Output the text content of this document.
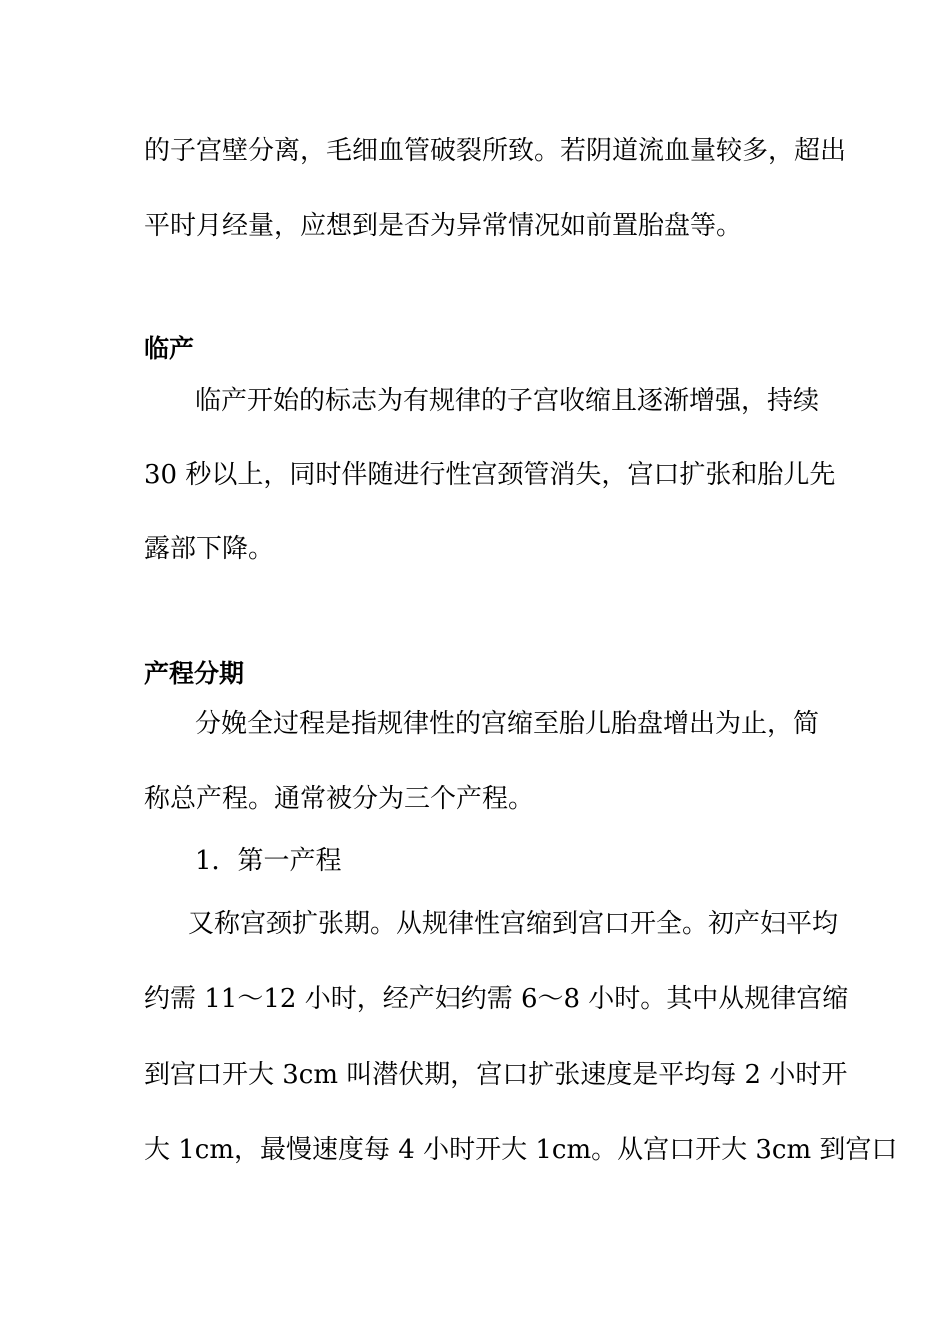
的子宫壁分离，毛细血管破裂所致。若阴道流血量较多，超出
平时月经量，应想到是否为异常情况如前置胎盘等。
临产
临产开始的标志为有规律的子宫收缩且逐渐增强，持续
30 秒以上，同时伴随进行性宫颈管消失，宫口扩张和胎儿先
露部下降。
产程分期
分娩全过程是指规律性的宫缩至胎儿胎盘增出为止，简
称总产程。通常被分为三个产程。
1．第一产程
又称宫颈扩张期。从规律性宫缩到宫口开全。初产妇平均
约需 11～12 小时，经产妇约需 6～8 小时。其中从规律宫缩
到宫口开大 3cm 叫潜伏期，宫口扩张速度是平均每 2 小时开
大 1cm，最慢速度每 4 小时开大 1cm。从宫口开大 3cm 到宫口
